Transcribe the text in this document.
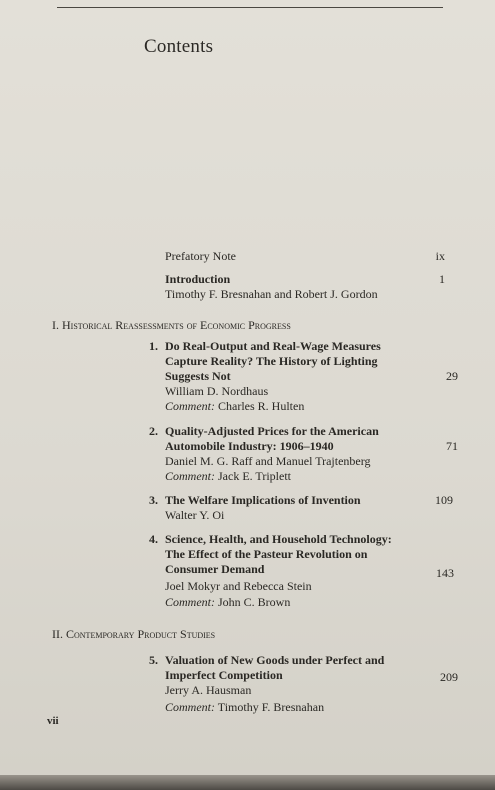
Contents
Prefatory Note	ix
Introduction
Timothy F. Bresnahan and Robert J. Gordon
1
I. Historical Reassessments of Economic Progress
1. Do Real-Output and Real-Wage Measures
Capture Reality? The History of Lighting
Suggests Not
William D. Nordhaus
Comment: Charles R. Hulten
29
2. Quality-Adjusted Prices for the American
Automobile Industry: 1906–1940
Daniel M. G. Raff and Manuel Trajtenberg
Comment: Jack E. Triplett
71
3. The Welfare Implications of Invention
Walter Y. Oi
109
4. Science, Health, and Household Technology:
The Effect of the Pasteur Revolution on
Consumer Demand
Joel Mokyr and Rebecca Stein
Comment: John C. Brown
143
II. Contemporary Product Studies
5. Valuation of New Goods under Perfect and
Imperfect Competition
Jerry A. Hausman
Comment: Timothy F. Bresnahan
209
vii
